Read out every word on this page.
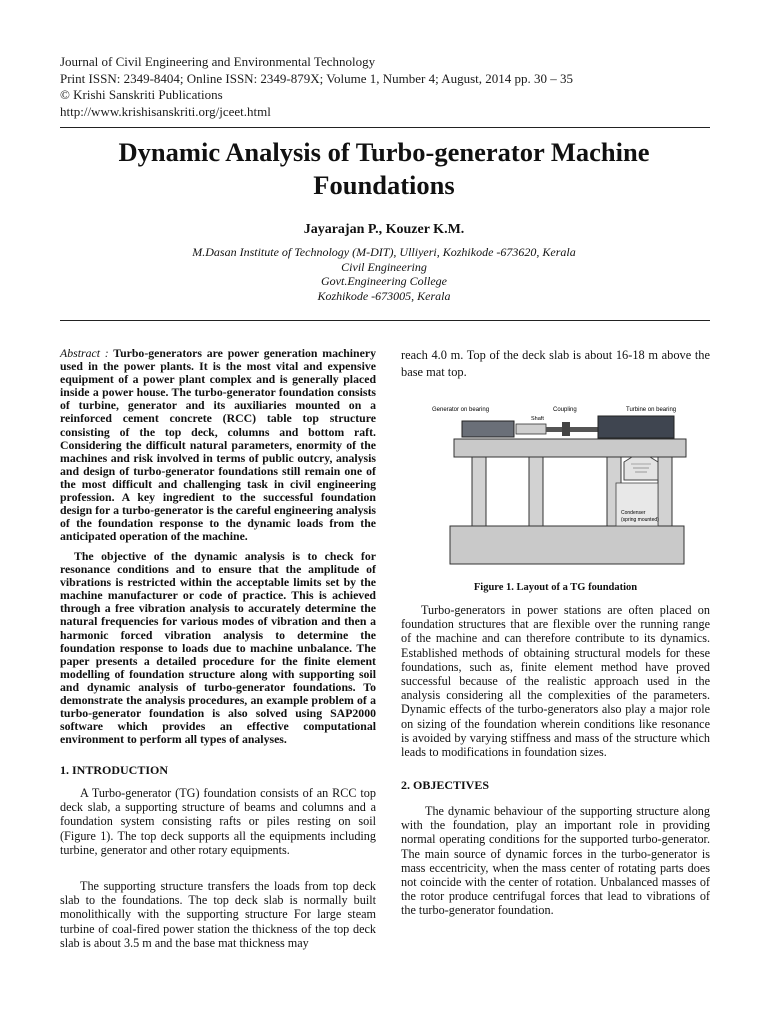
Journal of Civil Engineering and Environmental Technology
Print ISSN: 2349-8404; Online ISSN: 2349-879X; Volume 1, Number 4; August, 2014 pp. 30 – 35
© Krishi Sanskriti Publications
http://www.krishisanskriti.org/jceet.html
Dynamic Analysis of Turbo-generator Machine
Foundations
Jayarajan P., Kouzer K.M.
M.Dasan Institute of Technology (M-DIT), Ulliyeri, Kozhikode -673620, Kerala
Civil Engineering
Govt.Engineering College
Kozhikode -673005, Kerala
Abstract : Turbo-generators are power generation machinery used in the power plants. It is the most vital and expensive equipment of a power plant complex and is generally placed inside a power house. The turbo-generator foundation consists of turbine, generator and its auxiliaries mounted on a reinforced cement concrete (RCC) table top structure consisting of the top deck, columns and bottom raft. Considering the difficult natural parameters, enormity of the machines and risk involved in terms of public outcry, analysis and design of turbo-generator foundations still remain one of the most difficult and challenging task in civil engineering profession. A key ingredient to the successful foundation design for a turbo-generator is the careful engineering analysis of the foundation response to the dynamic loads from the anticipated operation of the machine.
The objective of the dynamic analysis is to check for resonance conditions and to ensure that the amplitude of vibrations is restricted within the acceptable limits set by the machine manufacturer or code of practice. This is achieved through a free vibration analysis to accurately determine the natural frequencies for various modes of vibration and then a harmonic forced vibration analysis to determine the foundation response to loads due to machine unbalance. The paper presents a detailed procedure for the finite element modelling of foundation structure along with supporting soil and dynamic analysis of turbo-generator foundations. To demonstrate the analysis procedures, an example problem of a turbo-generator foundation is also solved using SAP2000 software which provides an effective computational environment to perform all types of analyses.
1. INTRODUCTION
A Turbo-generator (TG) foundation consists of an RCC top deck slab, a supporting structure of beams and columns and a foundation system consisting rafts or piles resting on soil (Figure 1). The top deck supports all the equipments including turbine, generator and other rotary equipments.
The supporting structure transfers the loads from top deck slab to the foundations. The top deck slab is normally built monolithically with the supporting structure For large steam turbine of coal-fired power station the thickness of the top deck slab is about 3.5 m and the base mat thickness may
reach 4.0 m. Top of the deck slab is about 16-18 m above the base mat top.
Generator on bearing
Shaft
Coupling	Turbine on bearing
Condenser
(spring mounted)
Figure 1. Layout of a TG foundation
Turbo-generators in power stations are often placed on foundation structures that are flexible over the running range of the machine and can therefore contribute to its dynamics. Established methods of obtaining structural models for these foundations, such as, finite element method have proved successful because of the realistic approach used in the analysis considering all the complexities of the parameters. Dynamic effects of the turbo-generators also play a major role on sizing of the foundation wherein conditions like resonance is avoided by varying stiffness and mass of the structure which leads to modifications in foundation sizes.
2. OBJECTIVES
The dynamic behaviour of the supporting structure along with the foundation, play an important role in providing normal operating conditions for the supported turbo-generator. The main source of dynamic forces in the turbo-generator is mass eccentricity, when the mass center of rotating parts does not coincide with the center of rotation. Unbalanced masses of the rotor produce centrifugal forces that lead to vibrations of the turbo-generator foundation.
